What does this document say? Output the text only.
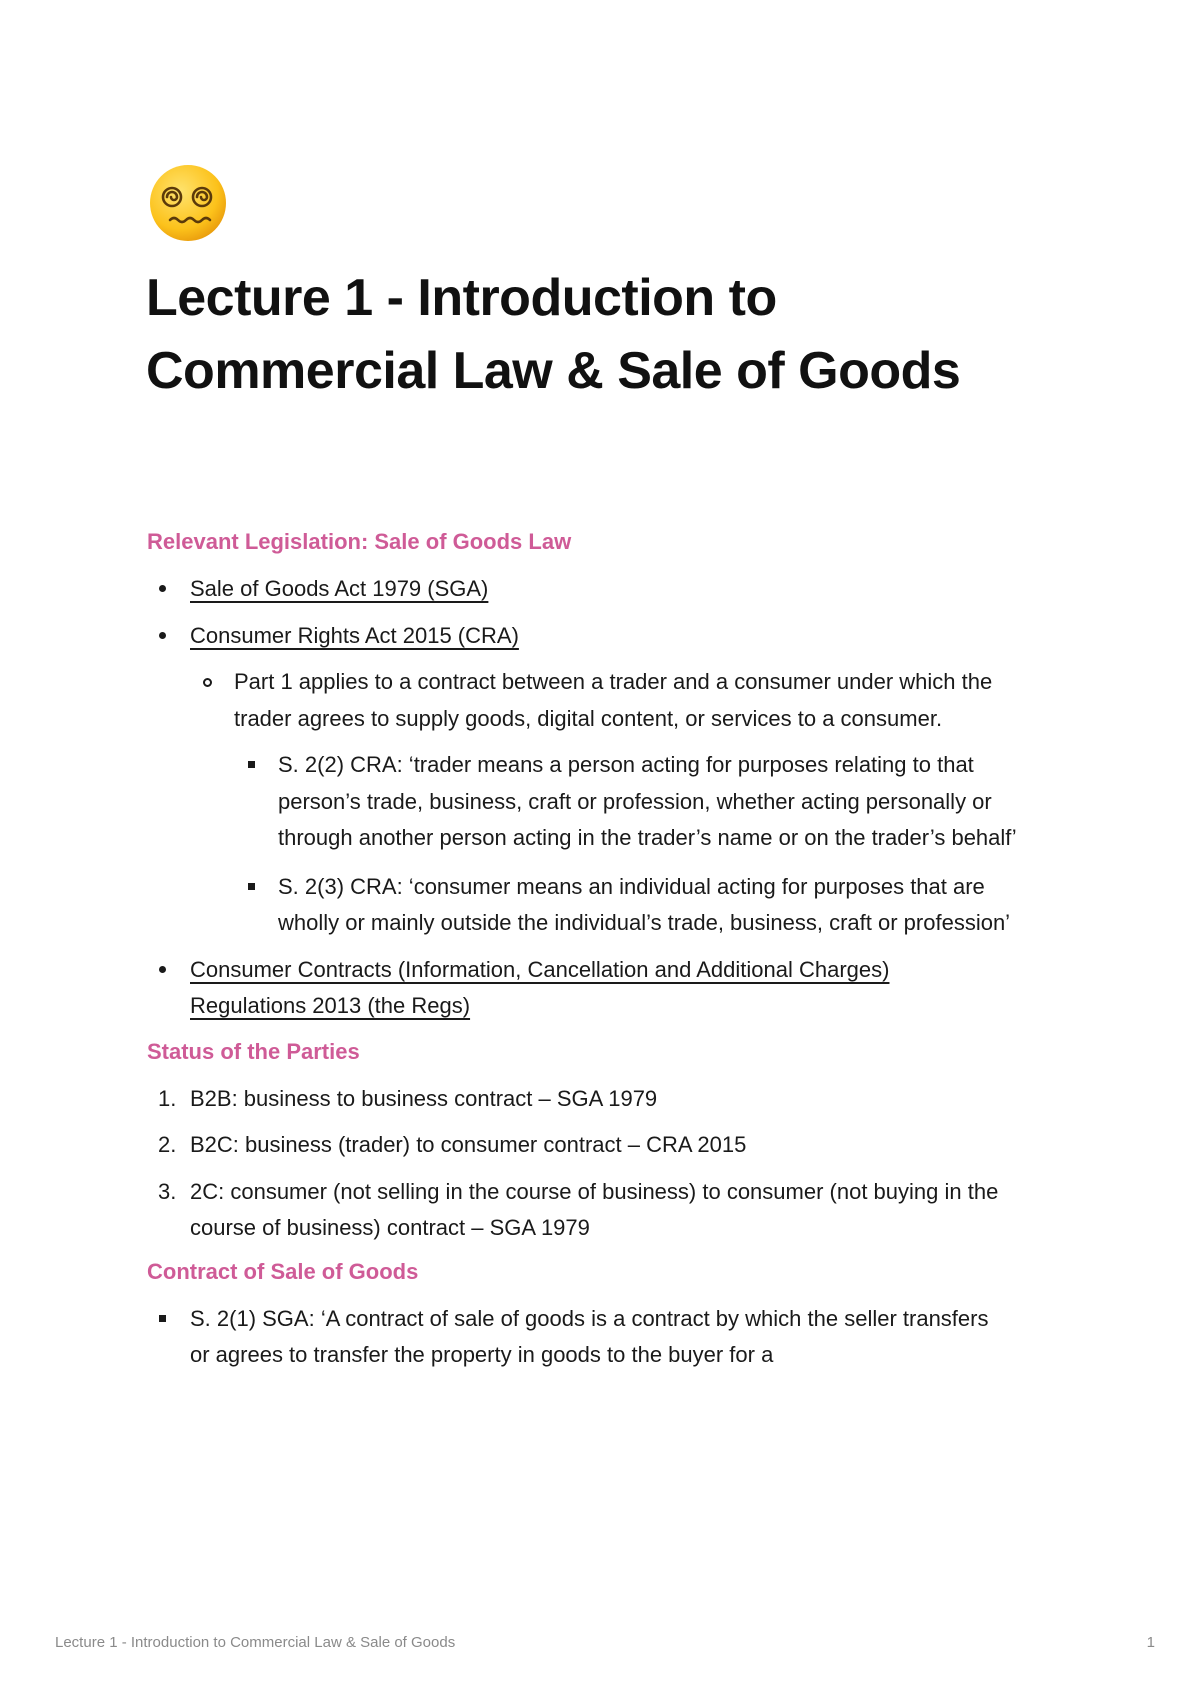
Lecture 1 - Introduction to Commercial Law & Sale of Goods
Relevant Legislation: Sale of Goods Law
Sale of Goods Act 1979 (SGA)
Consumer Rights Act 2015 (CRA)
Part 1 applies to a contract between a trader and a consumer under which the trader agrees to supply goods, digital content, or services to a consumer.
S. 2(2) CRA: ‘trader means a person acting for purposes relating to that person’s trade, business, craft or profession, whether acting personally or through another person acting in the trader’s name or on the trader’s behalf’
S. 2(3) CRA: ‘consumer means an individual acting for purposes that are wholly or mainly outside the individual’s trade, business, craft or profession’
Consumer Contracts (Information, Cancellation and Additional Charges) Regulations 2013 (the Regs)
Status of the Parties
1. B2B: business to business contract – SGA 1979
2. B2C: business (trader) to consumer contract – CRA 2015
3. 2C: consumer (not selling in the course of business) to consumer (not buying in the course of business) contract – SGA 1979
Contract of Sale of Goods
S. 2(1) SGA: ‘A contract of sale of goods is a contract by which the seller transfers or agrees to transfer the property in goods to the buyer for a
Lecture 1 - Introduction to Commercial Law & Sale of Goods	1
